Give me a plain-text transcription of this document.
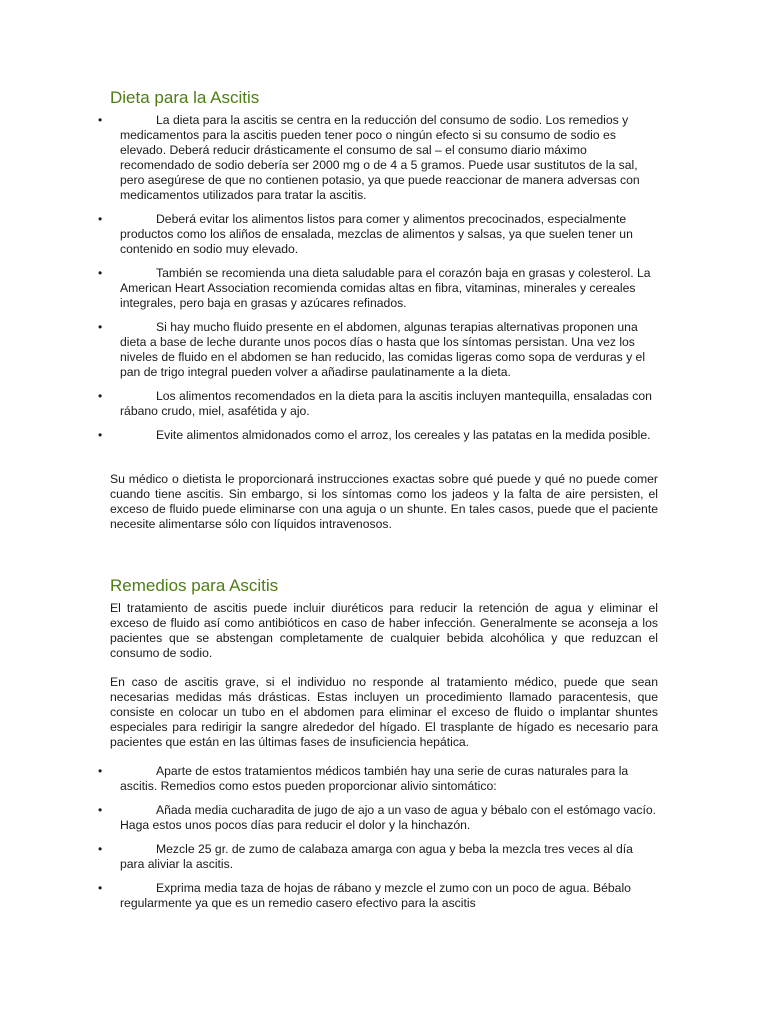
Dieta para la Ascitis
•	La dieta para la ascitis se centra en la reducción del consumo de sodio. Los remedios y medicamentos para la ascitis pueden tener poco o ningún efecto si su consumo de sodio es elevado. Deberá reducir drásticamente el consumo de sal – el consumo diario máximo recomendado de sodio debería ser 2000 mg o de 4 a 5 gramos. Puede usar sustitutos de la sal, pero asegúrese de que no contienen potasio, ya que puede reaccionar de manera adversas con medicamentos utilizados para tratar la ascitis.
•	Deberá evitar los alimentos listos para comer y alimentos precocinados, especialmente productos como los aliños de ensalada, mezclas de alimentos y salsas, ya que suelen tener un contenido en sodio muy elevado.
•	También se recomienda una dieta saludable para el corazón baja en grasas y colesterol. La American Heart Association recomienda comidas altas en fibra, vitaminas, minerales y cereales integrales, pero baja en grasas y azúcares refinados.
•	Si hay mucho fluido presente en el abdomen, algunas terapias alternativas proponen una dieta a base de leche durante unos pocos días o hasta que los síntomas persistan. Una vez los niveles de fluido en el abdomen se han reducido, las comidas ligeras como sopa de verduras y el pan de trigo integral pueden volver a añadirse paulatinamente a la dieta.
•	Los alimentos recomendados en la dieta para la ascitis incluyen mantequilla, ensaladas con rábano crudo, miel, asafétida y ajo.
•	Evite alimentos almidonados como el arroz, los cereales y las patatas en la medida posible.

Su médico o dietista le proporcionará instrucciones exactas sobre qué puede y qué no puede comer cuando tiene ascitis. Sin embargo, si los síntomas como los jadeos y la falta de aire persisten, el exceso de fluido puede eliminarse con una aguja o un shunte. En tales casos, puede que el paciente necesite alimentarse sólo con líquidos intravenosos.

Remedios para Ascitis

El tratamiento de ascitis puede incluir diuréticos para reducir la retención de agua y eliminar el exceso de fluido así como antibióticos en caso de haber infección. Generalmente se aconseja a los pacientes que se abstengan completamente de cualquier bebida alcohólica y que reduzcan el consumo de sodio.

En caso de ascitis grave, si el individuo no responde al tratamiento médico, puede que sean necesarias medidas más drásticas. Estas incluyen un procedimiento llamado paracentesis, que consiste en colocar un tubo en el abdomen para eliminar el exceso de fluido o implantar shuntes especiales para redirigir la sangre alrededor del hígado. El trasplante de hígado es necesario para pacientes que están en las últimas fases de insuficiencia hepática.

•	Aparte de estos tratamientos médicos también hay una serie de curas naturales para la ascitis. Remedios como estos pueden proporcionar alivio sintomático:
•	Añada media cucharadita de jugo de ajo a un vaso de agua y bébalo con el estómago vacío. Haga estos unos pocos días para reducir el dolor y la hinchazón.
•	Mezcle 25 gr. de zumo de calabaza amarga con agua y beba la mezcla tres veces al día para aliviar la ascitis.
•	Exprima media taza de hojas de rábano y mezcle el zumo con un poco de agua. Bébalo regularmente ya que es un remedio casero efectivo para la ascitis
